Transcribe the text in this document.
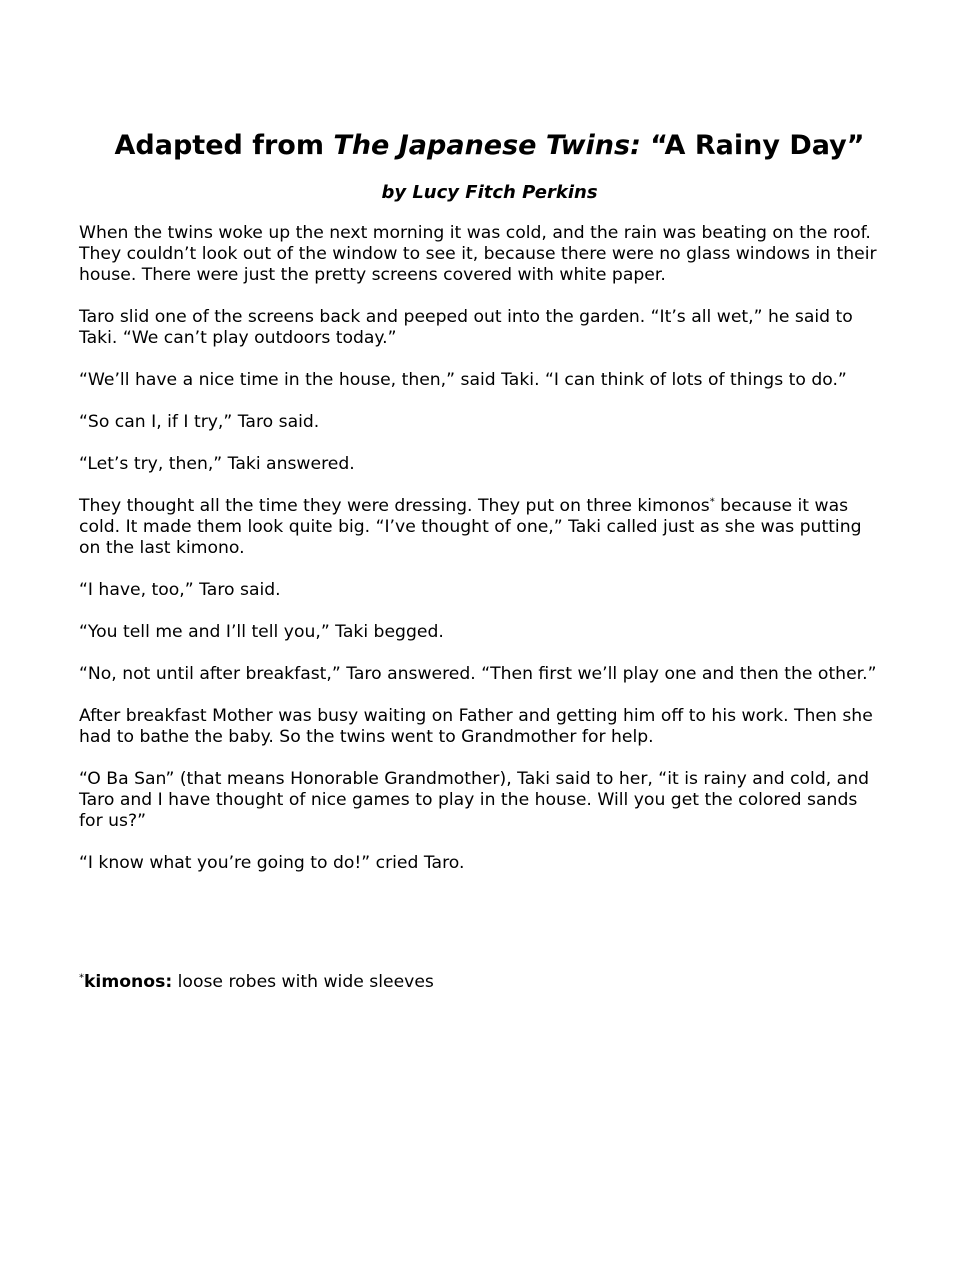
Adapted from The Japanese Twins: “A Rainy Day”

by Lucy Fitch Perkins

When the twins woke up the next morning it was cold, and the rain was beating on the roof. They couldn’t look out of the window to see it, because there were no glass windows in their house. There were just the pretty screens covered with white paper.

Taro slid one of the screens back and peeped out into the garden. “It’s all wet,” he said to Taki. “We can’t play outdoors today.”

“We’ll have a nice time in the house, then,” said Taki. “I can think of lots of things to do.”

“So can I, if I try,” Taro said.

“Let’s try, then,” Taki answered.

They thought all the time they were dressing. They put on three kimonos* because it was cold. It made them look quite big. “I’ve thought of one,” Taki called just as she was putting on the last kimono.

“I have, too,” Taro said.

“You tell me and I’ll tell you,” Taki begged.

“No, not until after breakfast,” Taro answered. “Then first we’ll play one and then the other.”

After breakfast Mother was busy waiting on Father and getting him off to his work. Then she had to bathe the baby. So the twins went to Grandmother for help.

“O Ba San” (that means Honorable Grandmother), Taki said to her, “it is rainy and cold, and Taro and I have thought of nice games to play in the house. Will you get the colored sands for us?”

“I know what you’re going to do!” cried Taro.

*kimonos: loose robes with wide sleeves
